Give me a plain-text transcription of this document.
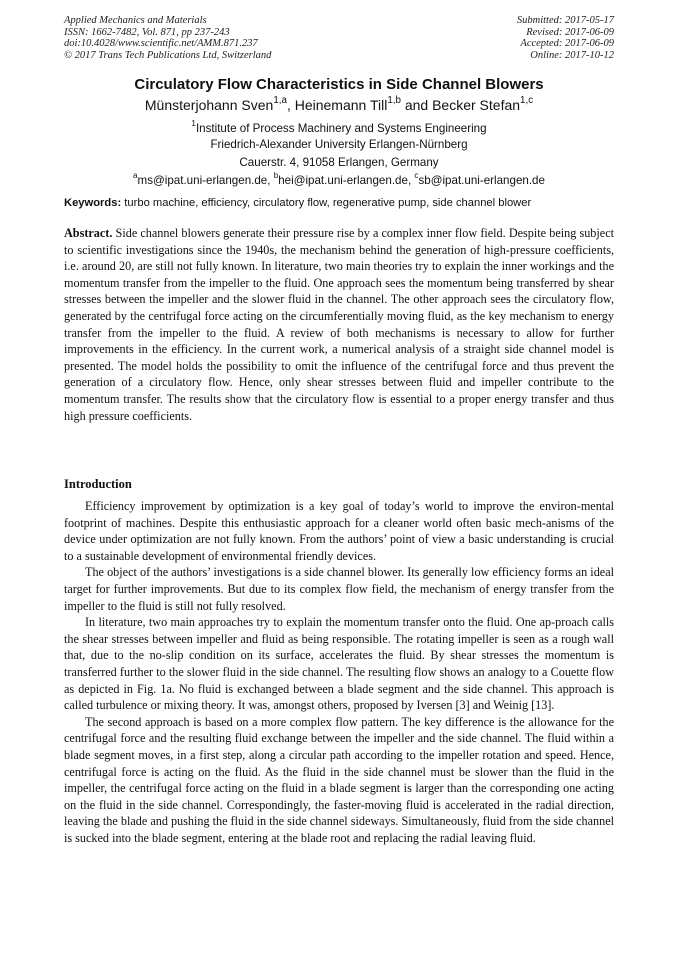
Applied Mechanics and Materials
ISSN: 1662-7482, Vol. 871, pp 237-243
doi:10.4028/www.scientific.net/AMM.871.237
© 2017 Trans Tech Publications Ltd, Switzerland
Submitted: 2017-05-17
Revised: 2017-06-09
Accepted: 2017-06-09
Online: 2017-10-12
Circulatory Flow Characteristics in Side Channel Blowers
Münsterjohann Sven$^{1,a}$, Heinemann Till$^{1,b}$ and Becker Stefan$^{1,c}$
$^1$Institute of Process Machinery and Systems Engineering
Friedrich-Alexander University Erlangen-Nürnberg
Cauerstr. 4, 91058 Erlangen, Germany
$^a$ms@ipat.uni-erlangen.de, $^b$hei@ipat.uni-erlangen.de, $^c$sb@ipat.uni-erlangen.de
Keywords: turbo machine, efficiency, circulatory flow, regenerative pump, side channel blower

Abstract. Side channel blowers generate their pressure rise by a complex inner flow field. Despite being subject to scientific investigations since the 1940s, the mechanism behind the generation of high-pressure coefficients, i.e. around 20, are still not fully known. In literature, two main theories try to explain the inner workings and the momentum transfer from the impeller to the fluid. One approach sees the momentum being transferred by shear stresses between the impeller and the slower fluid in the channel. The other approach sees the circulatory flow, generated by the centrifugal force acting on the circumferentially moving fluid, as the key mechanism to energy transfer from the impeller to the fluid. A review of both mechanisms is necessary to allow for further improvements in the efficiency. In the current work, a numerical analysis of a straight side channel model is presented. The model holds the possibility to omit the influence of the centrifugal force and thus prevent the generation of a circulatory flow. Hence, only shear stresses between fluid and impeller contribute to the momentum transfer. The results show that the circulatory flow is essential to a proper energy transfer and thus high pressure coefficients.

Introduction

Efficiency improvement by optimization is a key goal of today’s world to improve the environ-mental footprint of machines. Despite this enthusiastic approach for a cleaner world often basic mech-anisms of the device under optimization are not fully known. From the authors’ point of view a basic understanding is crucial to a sustainable development of environmental friendly devices.

The object of the authors’ investigations is a side channel blower. Its generally low efficiency forms an ideal target for further improvements. But due to its complex flow field, the mechanism of energy transfer from the impeller to the fluid is still not fully resolved.

In literature, two main approaches try to explain the momentum transfer onto the fluid. One ap-proach calls the shear stresses between impeller and fluid as being responsible. The rotating impeller is seen as a rough wall that, due to the no-slip condition on its surface, accelerates the fluid. By shear stresses the momentum is transferred further to the slower fluid in the side channel. The resulting flow shows an analogy to a Couette flow as depicted in Fig. 1a. No fluid is exchanged between a blade segment and the side channel. This approach is called turbulence or mixing theory. It was, amongst others, proposed by Iversen [3] and Weinig [13].

The second approach is based on a more complex flow pattern. The key difference is the allowance for the centrifugal force and the resulting fluid exchange between the impeller and the side channel. The fluid within a blade segment moves, in a first step, along a circular path according to the impeller rotation and speed. Hence, centrifugal force is acting on the fluid. As the fluid in the side channel must be slower than the fluid in the impeller, the centrifugal force acting on the fluid in a blade segment is larger than the corresponding one acting on the fluid in the side channel. Correspondingly, the faster-moving fluid is accelerated in the radial direction, leaving the blade and pushing the fluid in the side channel sideways. Simultaneously, fluid from the side channel is sucked into the blade segment, entering at the blade root and replacing the radial leaving fluid.
